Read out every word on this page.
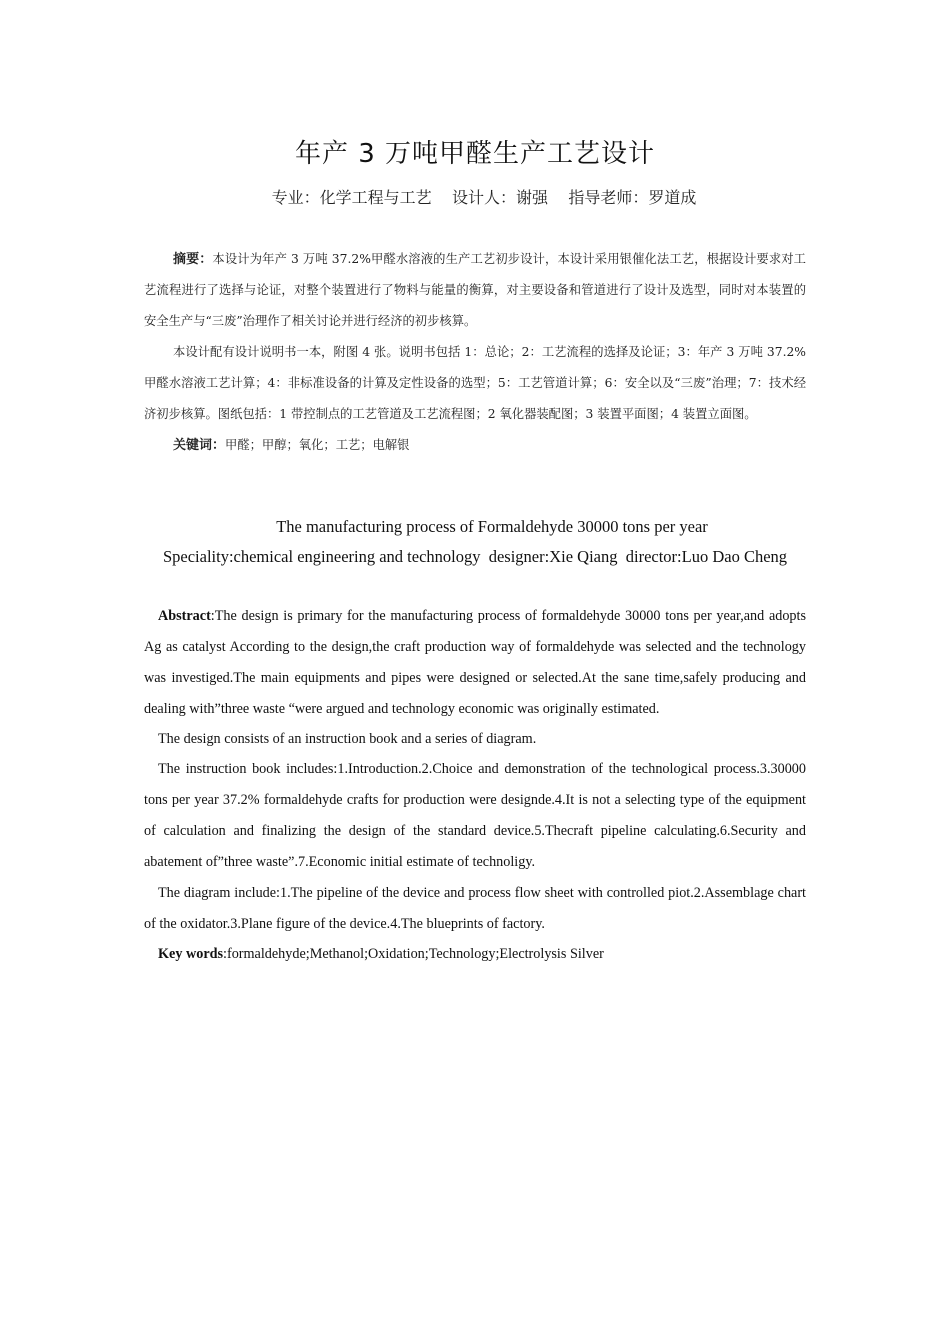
年产 3 万吨甲醛生产工艺设计
专业：化学工程与工艺    设计人：谢强    指导老师：罗道成

摘要：本设计为年产 3 万吨 37.2%甲醛水溶液的生产工艺初步设计，本设计采用银催化法工艺，根据设计要求对工艺流程进行了选择与论证，对整个装置进行了物料与能量的衡算，对主要设备和管道进行了设计及选型，同时对本装置的安全生产与“三废”治理作了相关讨论并进行经济的初步核算。

本设计配有设计说明书一本，附图 4 张。说明书包括 1：总论；2：工艺流程的选择及论证；3：年产 3 万吨 37.2%甲醛水溶液工艺计算；4：非标准设备的计算及定性设备的选型；5：工艺管道计算；6：安全以及“三废”治理；7：技术经济初步核算。图纸包括：1 带控制点的工艺管道及工艺流程图；2 氧化器装配图；3 装置平面图；4 装置立面图。

关键词：甲醛；甲醇；氧化；工艺；电解银

The manufacturing process of Formaldehyde 30000 tons per year
Speciality:chemical engineering and technology  designer:Xie Qiang  director:Luo Dao Cheng

Abstract:The design is primary for the manufacturing process of formaldehyde 30000 tons per year,and adopts Ag as catalyst According to the design,the craft production way of formaldehyde was selected and the technology was investiged.The main equipments and pipes were designed or selected.At the sane time,safely producing and dealing with”three waste “were argued and technology economic was originally estimated.

The design consists of an instruction book and a series of diagram.

The instruction book includes:1.Introduction.2.Choice and demonstration of the technological process.3.30000 tons per year 37.2% formaldehyde crafts for production were designde.4.It is not a selecting type of the equipment of calculation and finalizing the design of the standard device.5.Thecraft pipeline calculating.6.Security and abatement of”three waste”.7.Economic initial estimate of technoligy.

The diagram include:1.The pipeline of the device and process flow sheet with controlled piot.2.Assemblage chart of the oxidator.3.Plane figure of the device.4.The blueprints of factory.

Key words:formaldehyde;Methanol;Oxidation;Technology;Electrolysis Silver
